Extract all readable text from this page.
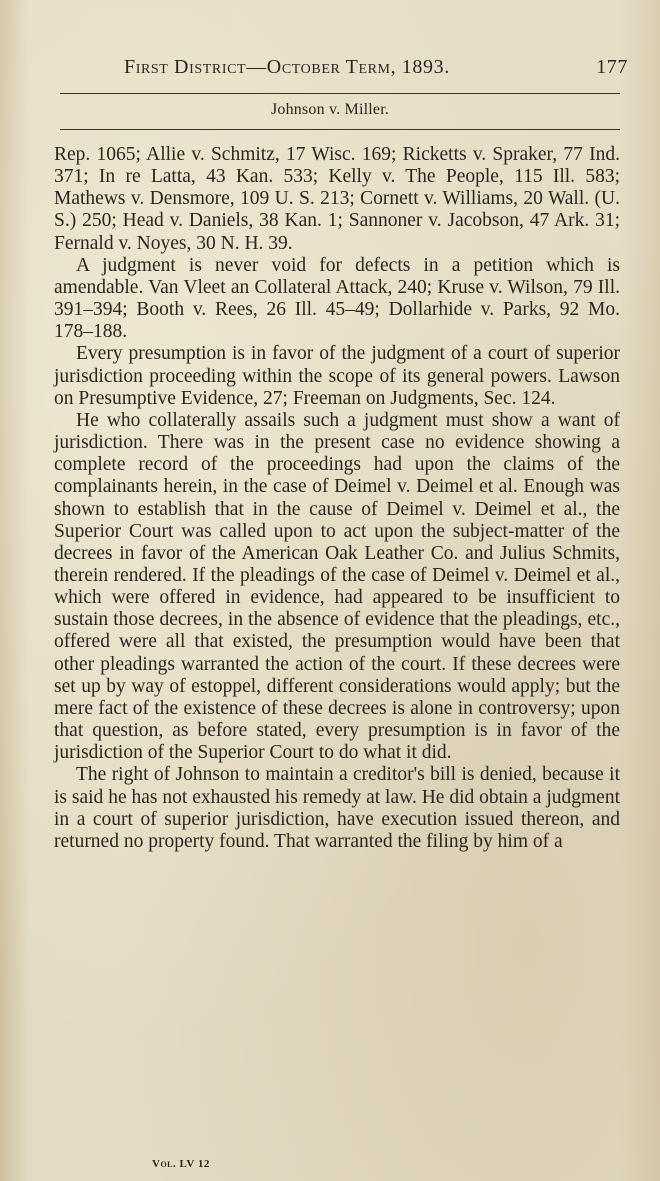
First District—October Term, 1893.	177
Johnson v. Miller.

Rep. 1065; Allie v. Schmitz, 17 Wisc. 169; Ricketts v. Spraker, 77 Ind. 371; In re Latta, 43 Kan. 533; Kelly v. The People, 115 Ill. 583; Mathews v. Densmore, 109 U. S. 213; Cornett v. Williams, 20 Wall. (U. S.) 250; Head v. Daniels, 38 Kan. 1; Sannoner v. Jacobson, 47 Ark. 31; Fernald v. Noyes, 30 N. H. 39.

A judgment is never void for defects in a petition which is amendable. Van Vleet an Collateral Attack, 240; Kruse v. Wilson, 79 Ill. 391–394; Booth v. Rees, 26 Ill. 45–49; Dollarhide v. Parks, 92 Mo. 178–188.

Every presumption is in favor of the judgment of a court of superior jurisdiction proceeding within the scope of its general powers. Lawson on Presumptive Evidence, 27; Freeman on Judgments, Sec. 124.

He who collaterally assails such a judgment must show a want of jurisdiction. There was in the present case no evidence showing a complete record of the proceedings had upon the claims of the complainants herein, in the case of Deimel v. Deimel et al. Enough was shown to establish that in the cause of Deimel v. Deimel et al., the Superior Court was called upon to act upon the subject-matter of the decrees in favor of the American Oak Leather Co. and Julius Schmits, therein rendered. If the pleadings of the case of Deimel v. Deimel et al., which were offered in evidence, had appeared to be insufficient to sustain those decrees, in the absence of evidence that the pleadings, etc., offered were all that existed, the presumption would have been that other pleadings warranted the action of the court. If these decrees were set up by way of estoppel, different considerations would apply; but the mere fact of the existence of these decrees is alone in controversy; upon that question, as before stated, every presumption is in favor of the jurisdiction of the Superior Court to do what it did.

The right of Johnson to maintain a creditor's bill is denied, because it is said he has not exhausted his remedy at law. He did obtain a judgment in a court of superior jurisdiction, have execution issued thereon, and returned no property found. That warranted the filing by him of a

Vol. LV 12
